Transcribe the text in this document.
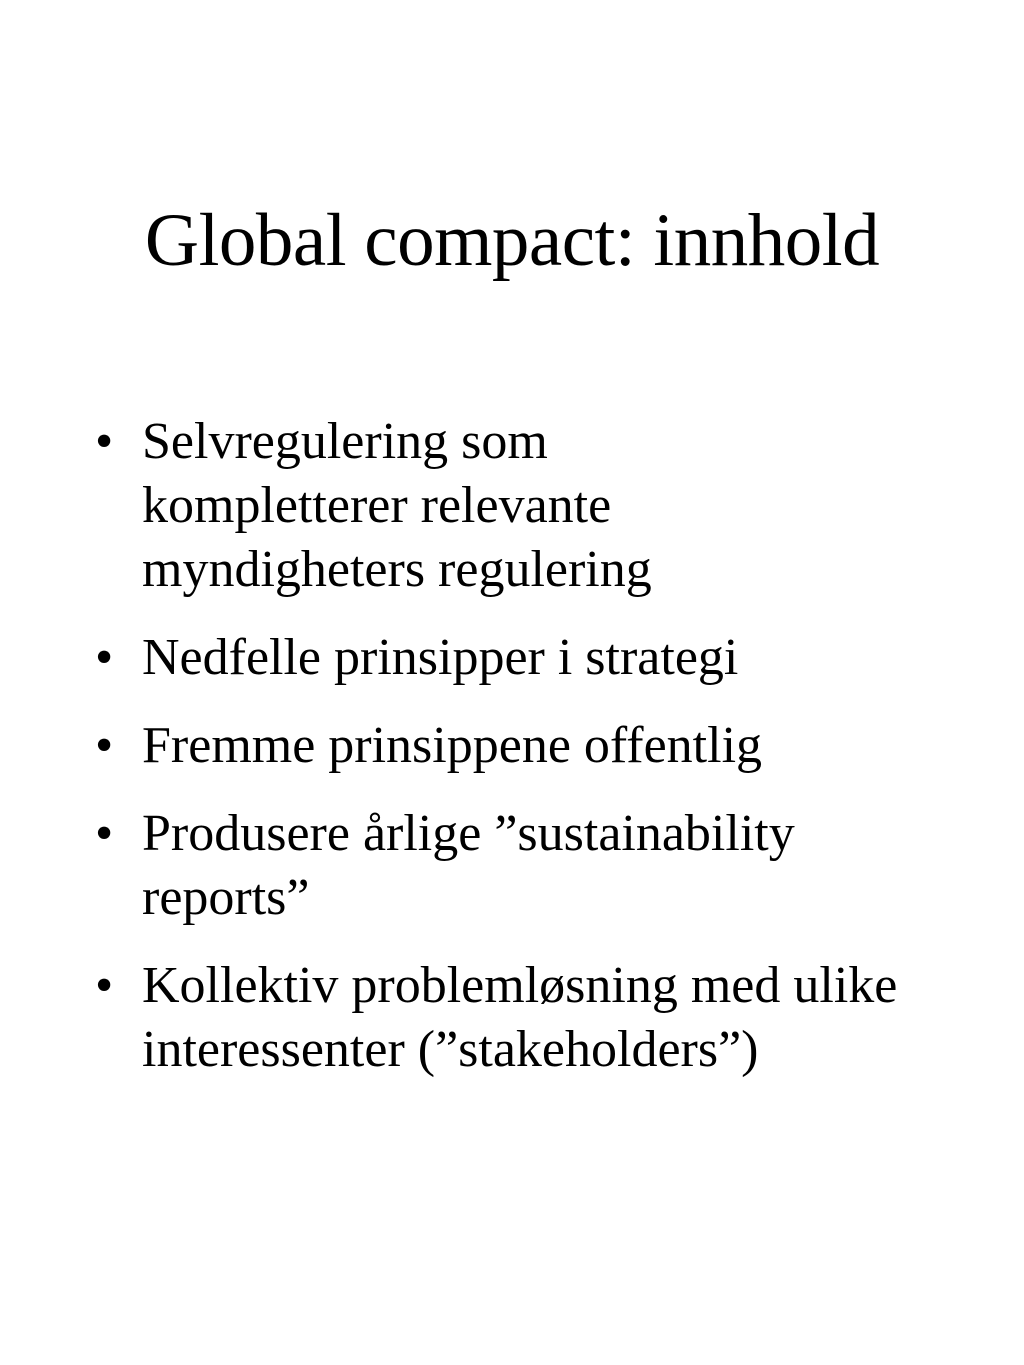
Global compact: innhold
• Selvregulering som kompletterer relevante myndigheters regulering
• Nedfelle prinsipper i strategi
• Fremme prinsippene offentlig
• Produsere årlige ”sustainability reports”
• Kollektiv problemløsning med ulike interessenter (”stakeholders”)
